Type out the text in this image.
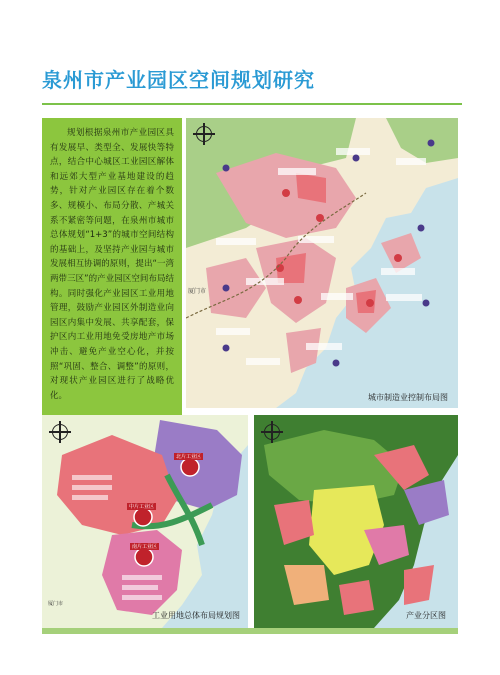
泉州市产业园区空间规划研究

规划根据泉州市产业园区具有发展早、类型全、发展快等特点，结合中心城区工业园区解体和远郊大型产业基地建设的趋势，针对产业园区存在着个数多、规模小、布局分散、产城关系不紧密等问题，在泉州市城市总体规划“1+3”的城市空间结构的基础上，及坚持产业园与城市发展相互协调的原则，提出“一湾两带三区”的产业园区空间布局结构。同时强化产业园区工业用地管理，鼓励产业园区外制造业向园区内集中发展、共享配套，保护区内工业用地免受房地产市场冲击、避免产业空心化，并按照“巩固、整合、调整”的原则，对现状产业园区进行了战略优化。	城市制造业控制布局图
厦门市
北片工业区
中片工业区
南片工业区
厦门市
工业用地总体布局规划图	产业分区图
